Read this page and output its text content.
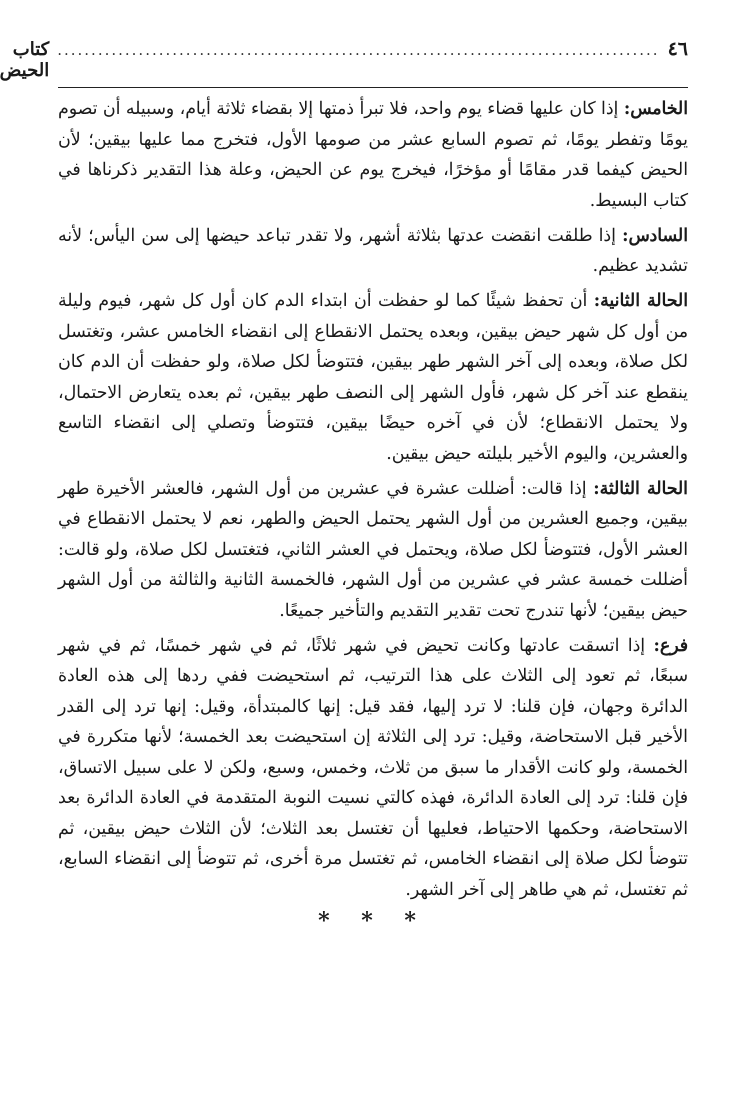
٤٦
.........................................................................................
كتاب الحيض

الخامس: إذا كان عليها قضاء يوم واحد، فلا تبرأ ذمتها إلا بقضاء ثلاثة أيام، وسبيله أن تصوم يومًا وتفطر يومًا، ثم تصوم السابع عشر من صومها الأول، فتخرج مما عليها بيقين؛ لأن الحيض كيفما قدر مقامًا أو مؤخرًا، فيخرج يوم عن الحيض، وعلة هذا التقدير ذكرناها في كتاب البسيط.

السادس: إذا طلقت انقضت عدتها بثلاثة أشهر، ولا تقدر تباعد حيضها إلى سن اليأس؛ لأنه تشديد عظيم.

الحالة الثانية: أن تحفظ شيئًا كما لو حفظت أن ابتداء الدم كان أول كل شهر، فيوم وليلة من أول كل شهر حيض بيقين، وبعده يحتمل الانقطاع إلى انقضاء الخامس عشر، وتغتسل لكل صلاة، وبعده إلى آخر الشهر طهر بيقين، فتتوضأ لكل صلاة، ولو حفظت أن الدم كان ينقطع عند آخر كل شهر، فأول الشهر إلى النصف طهر بيقين، ثم بعده يتعارض الاحتمال، ولا يحتمل الانقطاع؛ لأن في آخره حيضًا بيقين، فتتوضأ وتصلي إلى انقضاء التاسع والعشرين، واليوم الأخير بليلته حيض بيقين.

الحالة الثالثة: إذا قالت: أضللت عشرة في عشرين من أول الشهر، فالعشر الأخيرة طهر بيقين، وجميع العشرين من أول الشهر يحتمل الحيض والطهر، نعم لا يحتمل الانقطاع في العشر الأول، فتتوضأ لكل صلاة، ويحتمل في العشر الثاني، فتغتسل لكل صلاة، ولو قالت: أضللت خمسة عشر في عشرين من أول الشهر، فالخمسة الثانية والثالثة من أول الشهر حيض بيقين؛ لأنها تندرج تحت تقدير التقديم والتأخير جميعًا.

فرع: إذا اتسقت عادتها وكانت تحيض في شهر ثلاثًا، ثم في شهر خمسًا، ثم في شهر سبعًا، ثم تعود إلى الثلاث على هذا الترتيب، ثم استحيضت ففي ردها إلى هذه العادة الدائرة وجهان، فإن قلنا: لا ترد إليها، فقد قيل: إنها كالمبتدأة، وقيل: إنها ترد إلى القدر الأخير قبل الاستحاضة، وقيل: ترد إلى الثلاثة إن استحيضت بعد الخمسة؛ لأنها متكررة في الخمسة، ولو كانت الأقدار ما سبق من ثلاث، وخمس، وسبع، ولكن لا على سبيل الاتساق، فإن قلنا: ترد إلى العادة الدائرة، فهذه كالتي نسيت النوبة المتقدمة في العادة الدائرة بعد الاستحاضة، وحكمها الاحتياط، فعليها أن تغتسل بعد الثلاث؛ لأن الثلاث حيض بيقين، ثم تتوضأ لكل صلاة إلى انقضاء الخامس، ثم تغتسل مرة أخرى، ثم تتوضأ إلى انقضاء السابع، ثم تغتسل، ثم هي طاهر إلى آخر الشهر.

* * *
